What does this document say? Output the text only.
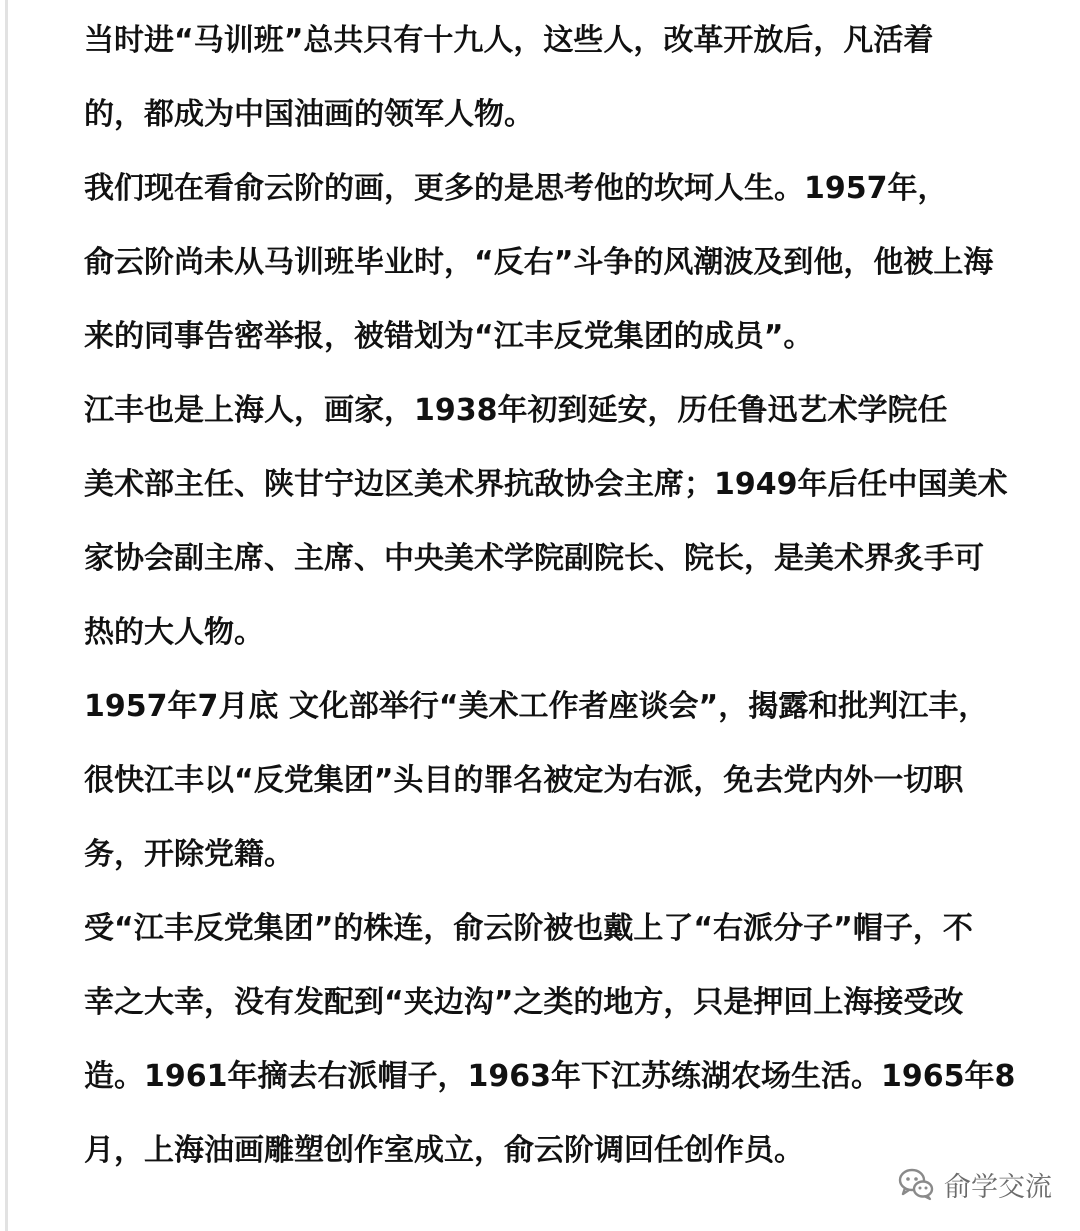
当时进“马训班”总共只有十九人，这些人，改革开放后，凡活着
的，都成为中国油画的领军人物。

我们现在看俞云阶的画，更多的是思考他的坎坷人生。1957年，
俞云阶尚未从马训班毕业时，“反右”斗争的风潮波及到他，他被上海
来的同事告密举报，被错划为“江丰反党集团的成员”。

江丰也是上海人，画家，1938年初到延安，历任鲁迅艺术学院任
美术部主任、陕甘宁边区美术界抗敌协会主席；1949年后任中国美术
家协会副主席、主席、中央美术学院副院长、院长，是美术界炙手可
热的大人物。

1957年7月底 文化部举行“美术工作者座谈会”，揭露和批判江丰，
很快江丰以“反党集团”头目的罪名被定为右派，免去党内外一切职
务，开除党籍。

受“江丰反党集团”的株连，俞云阶被也戴上了“右派分子”帽子，不
幸之大幸，没有发配到“夹边沟”之类的地方，只是押回上海接受改
造。1961年摘去右派帽子，1963年下江苏练湖农场生活。1965年8
月，上海油画雕塑创作室成立，俞云阶调回任创作员。

俞学交流
